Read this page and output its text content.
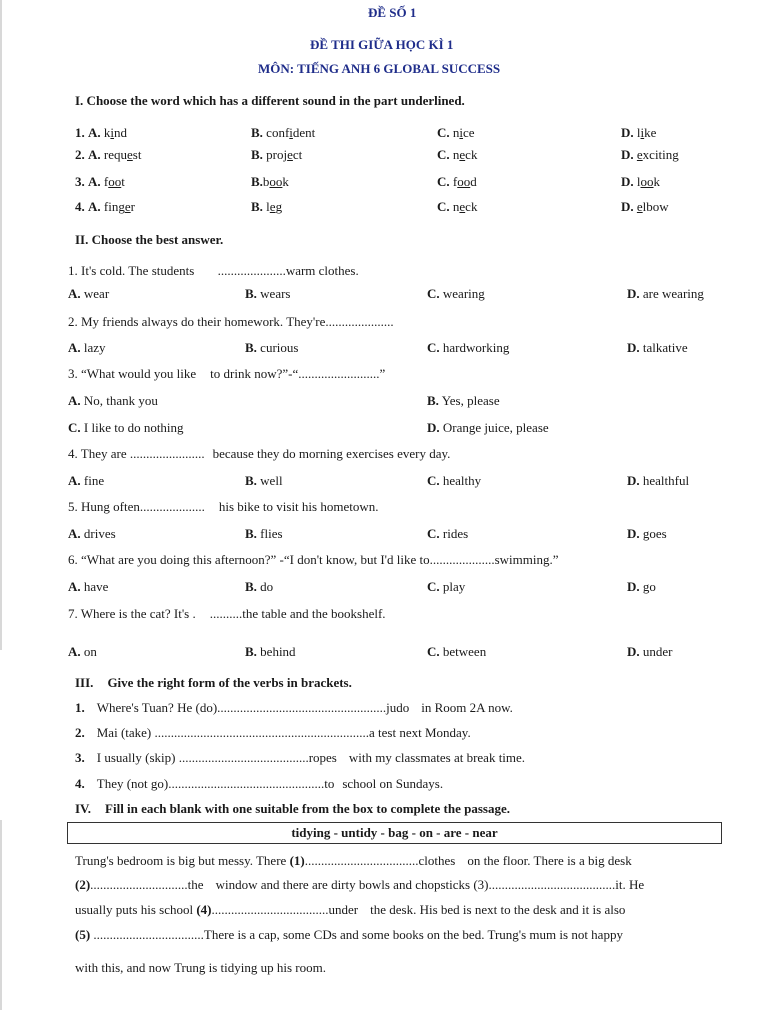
ĐỀ SỐ 1
ĐỀ THI GIỮA HỌC KÌ 1
MÔN: TIẾNG ANH 6 GLOBAL SUCCESS
I. Choose the word which has a different sound in the part underlined.
1. A. kind	B. confident	C. nice	D. like
2. A. request	B. project	C. neck	D. exciting
3. A. foot	B.book	C. food	D. look
4. A. finger	B. leg	C. neck	D. elbow
II. Choose the best answer.
1. It's cold. The students .....................warm clothes.
A. wear	B. wears	C. wearing	D. are wearing
2. My friends always do their homework. They're.....................
A. lazy	B. curious	C. hardworking	D. talkative
3. “What would you like to drink now?”-“.........................”
A. No, thank you	B. Yes, please
C. I like to do nothing	D. Orange juice, please
4. They are ....................... because they do morning exercises every day.
A. fine	B. well	C. healthy	D. healthful
5. Hung often.................... his bike to visit his hometown.
A. drives	B. flies	C. rides	D. goes
6. “What are you doing this afternoon?” -“I don't know, but I'd like to....................swimming.”
A. have	B. do	C. play	D. go
7. Where is the cat? It's . ..........the table and the bookshelf.
A. on	B. behind	C. between	D. under
III. Give the right form of the verbs in brackets.
1. Where's Tuan? He (do)....................................................judo in Room 2A now.
2. Mai (take) ..................................................................a test next Monday.
3. I usually (skip) ........................................ropes with my classmates at break time.
4. They (not go)................................................to school on Sundays.
IV. Fill in each blank with one suitable from the box to complete the passage.
tidying - untidy - bag - on - are - near
Trung's bedroom is big but messy. There (1)...................................clothes on the floor. There is a big desk
(2)..............................the window and there are dirty bowls and chopsticks (3).......................................it. He
usually puts his school (4)....................................under the desk. His bed is next to the desk and it is also
(5) ..................................There is a cap, some CDs and some books on the bed. Trung's mum is not happy
with this, and now Trung is tidying up his room.
